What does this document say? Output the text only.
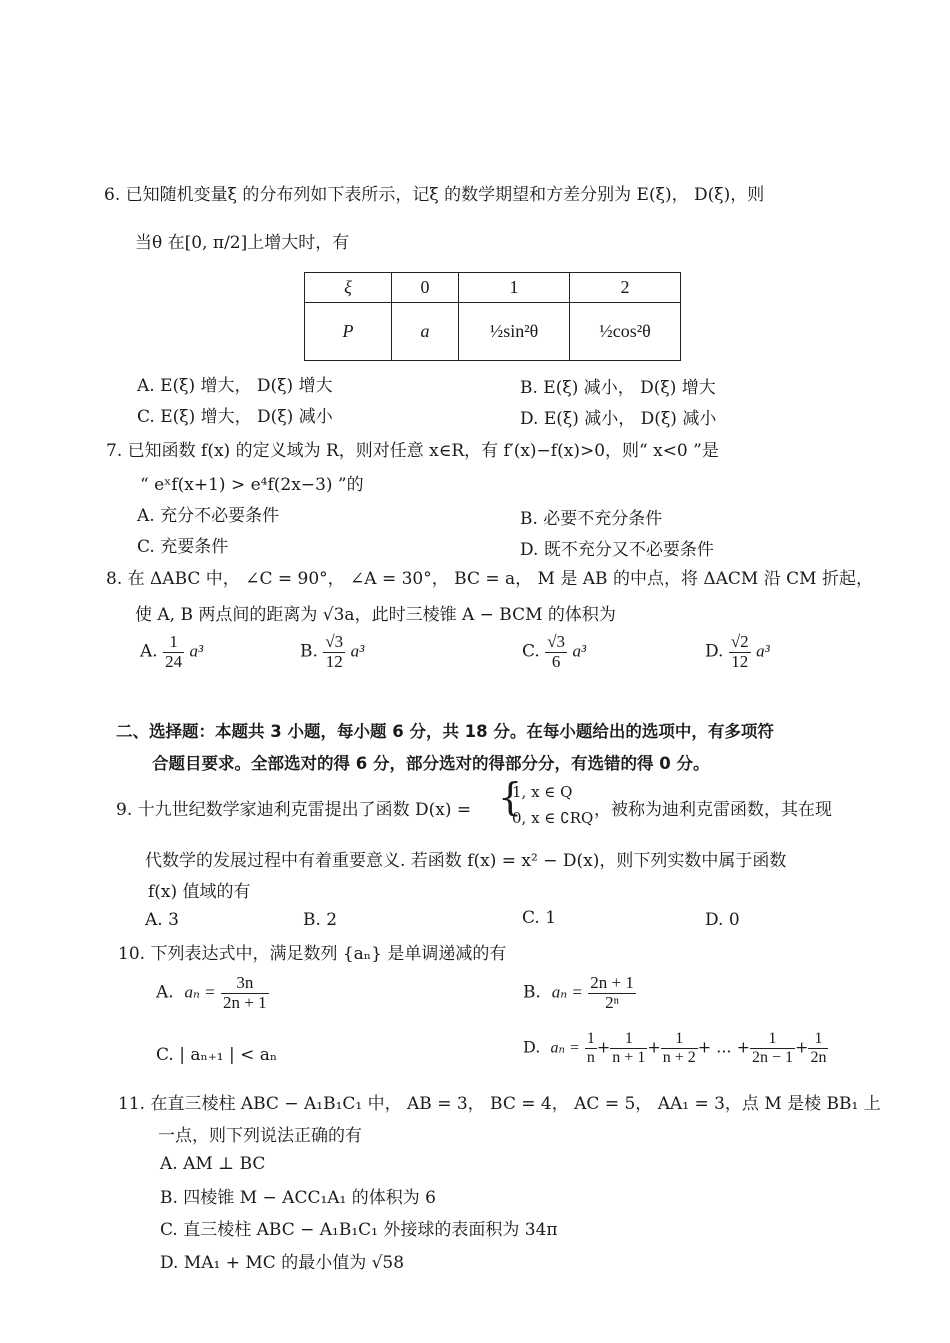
6. 已知随机变量ξ 的分布列如下表所示，记ξ 的数学期望和方差分别为 E(ξ)， D(ξ)，则
当θ 在[0, π/2]上增大时，有
ξ	0	1	2
P	a	½sin²θ	½cos²θ
A. E(ξ) 增大， D(ξ) 增大	B. E(ξ) 减小， D(ξ) 增大
C. E(ξ) 增大， D(ξ) 减小	D. E(ξ) 减小， D(ξ) 减小
7. 已知函数 f(x) 的定义域为 R，则对任意 x∈R，有 f′(x)−f(x)>0，则“ x<0 ”是
“ eˣf(x+1) > e⁴f(2x−3) ”的
A. 充分不必要条件	B. 必要不充分条件
C. 充要条件	D. 既不充分又不必要条件
8. 在 ΔABC 中， ∠C = 90°， ∠A = 30°， BC = a， M 是 AB 的中点，将 ΔACM 沿 CM 折起，
使 A, B 两点间的距离为 √3a，此时三棱锥 A − BCM 的体积为
A. $\frac{1}{24} a^3$	B. $\frac{√3}{12} a^3$	C. $\frac{√3}{6} a^3$	D. $\frac{√2}{12} a^3$
二、选择题：本题共 3 小题，每小题 6 分，共 18 分。在每小题给出的选项中，有多项符
合题目要求。全部选对的得 6 分，部分选对的得部分分，有选错的得 0 分。
9. 十九世纪数学家迪利克雷提出了函数 D(x) = {
1, x ∈ Q
0, x ∈ ∁RQ ，被称为迪利克雷函数，其在现
代数学的发展过程中有着重要意义. 若函数 f(x) = x² − D(x)，则下列实数中属于函数
f(x) 值域的有
A. 3	B. 2	C. 1	D. 0
10. 下列表达式中，满足数列 {aₙ} 是单调递减的有
A. $a_n = \frac{3n}{2n + 1}$	B. $a_n = \frac{2n + 1}{\text{2ⁿ}}$
C. | aₙ₊₁ | < aₙ	D. $a_n = \frac{1}{n} + \frac{1}{n + 1} + \frac{1}{n + 2}$ + ... + $\frac{1}{2n - 1} + \frac{1}{2n}$
11. 在直三棱柱 ABC − A₁B₁C₁ 中， AB = 3， BC = 4， AC = 5， AA₁ = 3，点 M 是棱 BB₁ 上
一点，则下列说法正确的有
A. AM ⊥ BC
B. 四棱锥 M − ACC₁A₁ 的体积为 6
C. 直三棱柱 ABC − A₁B₁C₁ 外接球的表面积为 34π
D. MA₁ + MC 的最小值为 √58
